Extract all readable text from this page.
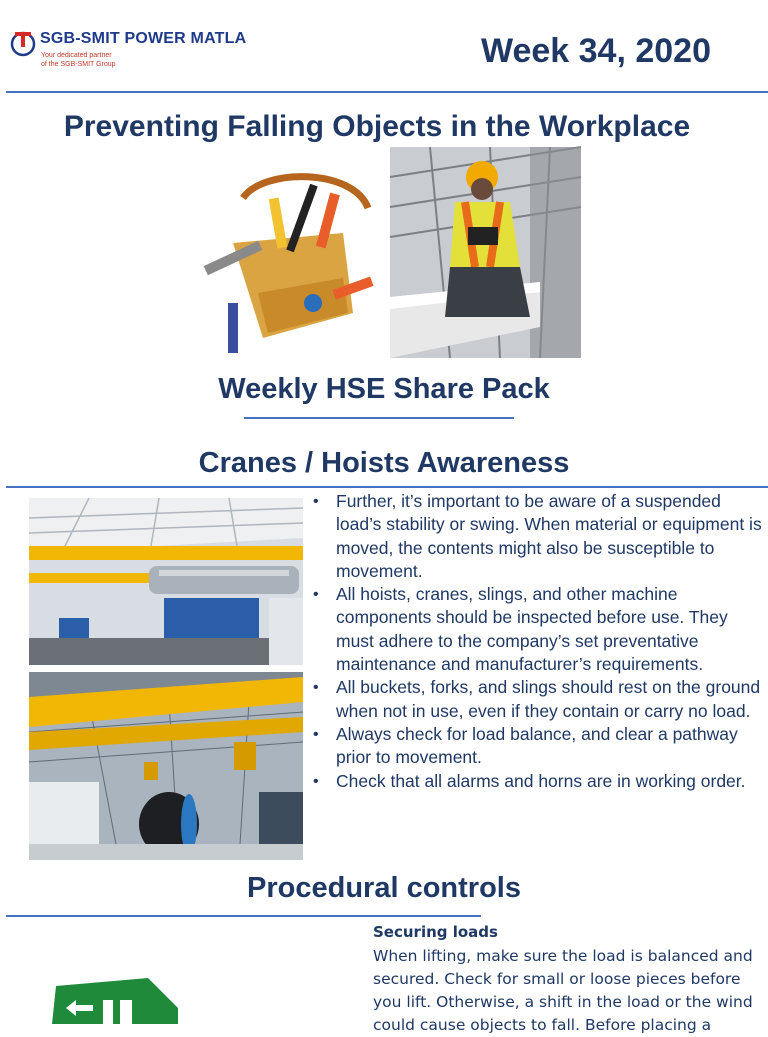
SGB-SMIT POWER MATLA
Your dedicated partner
of the SGB-SMIT Group	Week 34, 2020
Preventing Falling Objects in the Workplace
Weekly HSE Share Pack
Cranes / Hoists Awareness
• Further, it’s important to be aware of a suspended load’s stability or swing. When material or equipment is moved, the contents might also be susceptible to movement.
• All hoists, cranes, slings, and other machine components should be inspected before use. They must adhere to the company’s set preventative maintenance and manufacturer’s requirements.
• All buckets, forks, and slings should rest on the ground when not in use, even if they contain or carry no load.
• Always check for load balance, and clear a pathway prior to movement.
• Check that all alarms and horns are in working order.
Procedural controls
Securing loads
When lifting, make sure the load is balanced and secured. Check for small or loose pieces before you lift. Otherwise, a shift in the load or the wind could cause objects to fall. Before placing a
